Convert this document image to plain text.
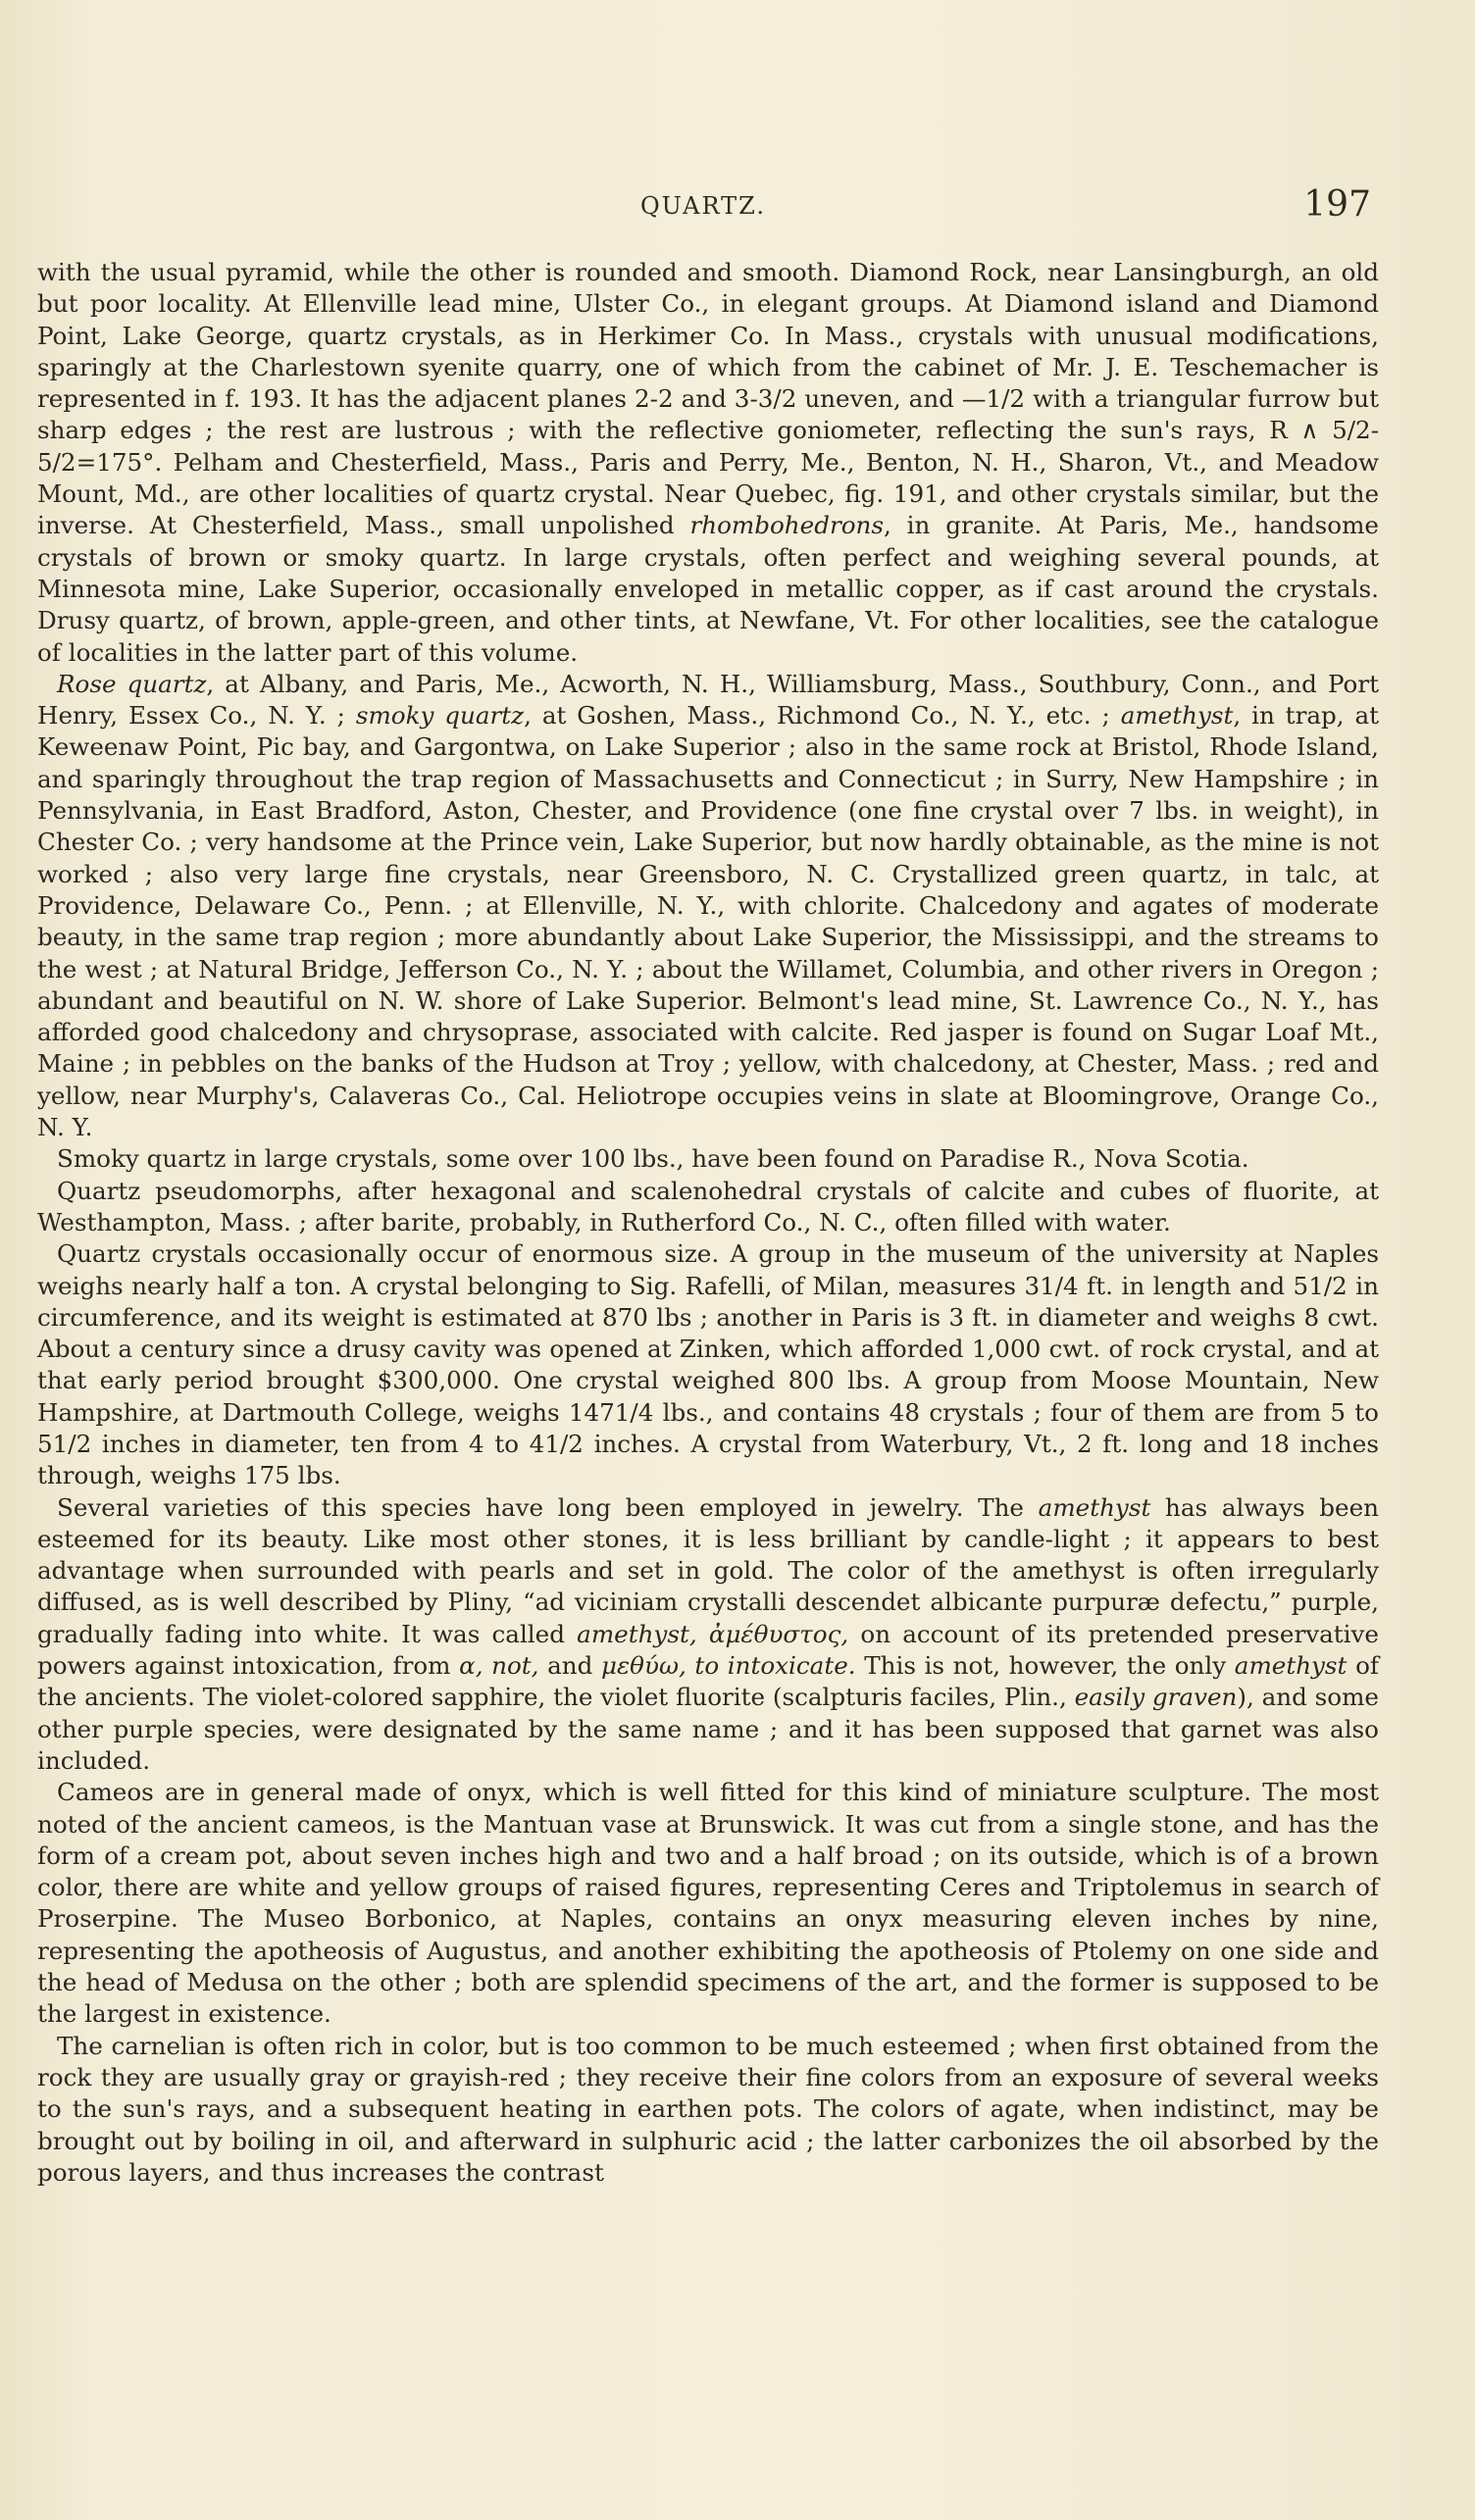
QUARTZ.	197

with the usual pyramid, while the other is rounded and smooth. Diamond Rock, near Lansingburgh, an old but poor locality. At Ellenville lead mine, Ulster Co., in elegant groups. At Diamond island and Diamond Point, Lake George, quartz crystals, as in Herkimer Co. In Mass., crystals with unusual modifications, sparingly at the Charlestown syenite quarry, one of which from the cabinet of Mr. J. E. Teschemacher is represented in f. 193. It has the adjacent planes 2-2 and 3-3/2 uneven, and —1/2 with a triangular furrow but sharp edges ; the rest are lustrous ; with the reflective goniometer, reflecting the sun's rays, R ∧ 5/2-5/2=175°. Pelham and Chesterfield, Mass., Paris and Perry, Me., Benton, N. H., Sharon, Vt., and Meadow Mount, Md., are other localities of quartz crystal. Near Quebec, fig. 191, and other crystals similar, but the inverse. At Chesterfield, Mass., small unpolished rhombohedrons, in granite. At Paris, Me., handsome crystals of brown or smoky quartz. In large crystals, often perfect and weighing several pounds, at Minnesota mine, Lake Superior, occasionally enveloped in metallic copper, as if cast around the crystals. Drusy quartz, of brown, apple-green, and other tints, at Newfane, Vt. For other localities, see the catalogue of localities in the latter part of this volume.

Rose quartz, at Albany, and Paris, Me., Acworth, N. H., Williamsburg, Mass., Southbury, Conn., and Port Henry, Essex Co., N. Y. ; smoky quartz, at Goshen, Mass., Richmond Co., N. Y., etc. ; amethyst, in trap, at Keweenaw Point, Pic bay, and Gargontwa, on Lake Superior ; also in the same rock at Bristol, Rhode Island, and sparingly throughout the trap region of Massachusetts and Connecticut ; in Surry, New Hampshire ; in Pennsylvania, in East Bradford, Aston, Chester, and Providence (one fine crystal over 7 lbs. in weight), in Chester Co. ; very handsome at the Prince vein, Lake Superior, but now hardly obtainable, as the mine is not worked ; also very large fine crystals, near Greensboro, N. C. Crystallized green quartz, in talc, at Providence, Delaware Co., Penn. ; at Ellenville, N. Y., with chlorite. Chalcedony and agates of moderate beauty, in the same trap region ; more abundantly about Lake Superior, the Mississippi, and the streams to the west ; at Natural Bridge, Jefferson Co., N. Y. ; about the Willamet, Columbia, and other rivers in Oregon ; abundant and beautiful on N. W. shore of Lake Superior. Belmont's lead mine, St. Lawrence Co., N. Y., has afforded good chalcedony and chrysoprase, associated with calcite. Red jasper is found on Sugar Loaf Mt., Maine ; in pebbles on the banks of the Hudson at Troy ; yellow, with chalcedony, at Chester, Mass. ; red and yellow, near Murphy's, Calaveras Co., Cal. Heliotrope occupies veins in slate at Bloomingrove, Orange Co., N. Y.

Smoky quartz in large crystals, some over 100 lbs., have been found on Paradise R., Nova Scotia.

Quartz pseudomorphs, after hexagonal and scalenohedral crystals of calcite and cubes of fluorite, at Westhampton, Mass. ; after barite, probably, in Rutherford Co., N. C., often filled with water.

Quartz crystals occasionally occur of enormous size. A group in the museum of the university at Naples weighs nearly half a ton. A crystal belonging to Sig. Rafelli, of Milan, measures 31/4 ft. in length and 51/2 in circumference, and its weight is estimated at 870 lbs ; another in Paris is 3 ft. in diameter and weighs 8 cwt. About a century since a drusy cavity was opened at Zinken, which afforded 1,000 cwt. of rock crystal, and at that early period brought $300,000. One crystal weighed 800 lbs. A group from Moose Mountain, New Hampshire, at Dartmouth College, weighs 1471/4 lbs., and contains 48 crystals ; four of them are from 5 to 51/2 inches in diameter, ten from 4 to 41/2 inches. A crystal from Waterbury, Vt., 2 ft. long and 18 inches through, weighs 175 lbs.

Several varieties of this species have long been employed in jewelry. The amethyst has always been esteemed for its beauty. Like most other stones, it is less brilliant by candle-light ; it appears to best advantage when surrounded with pearls and set in gold. The color of the amethyst is often irregularly diffused, as is well described by Pliny, “ad viciniam crystalli descendet albicante purpuræ defectu,” purple, gradually fading into white. It was called amethyst, ἀμέθυστος, on account of its pretended preservative powers against intoxication, from α, not, and μεθύω, to intoxicate. This is not, however, the only amethyst of the ancients. The violet-colored sapphire, the violet fluorite (scalpturis faciles, Plin., easily graven), and some other purple species, were designated by the same name ; and it has been supposed that garnet was also included.

Cameos are in general made of onyx, which is well fitted for this kind of miniature sculpture. The most noted of the ancient cameos, is the Mantuan vase at Brunswick. It was cut from a single stone, and has the form of a cream pot, about seven inches high and two and a half broad ; on its outside, which is of a brown color, there are white and yellow groups of raised figures, representing Ceres and Triptolemus in search of Proserpine. The Museo Borbonico, at Naples, contains an onyx measuring eleven inches by nine, representing the apotheosis of Augustus, and another exhibiting the apotheosis of Ptolemy on one side and the head of Medusa on the other ; both are splendid specimens of the art, and the former is supposed to be the largest in existence.

The carnelian is often rich in color, but is too common to be much esteemed ; when first obtained from the rock they are usually gray or grayish-red ; they receive their fine colors from an exposure of several weeks to the sun's rays, and a subsequent heating in earthen pots. The colors of agate, when indistinct, may be brought out by boiling in oil, and afterward in sulphuric acid ; the latter carbonizes the oil absorbed by the porous layers, and thus increases the contrast
